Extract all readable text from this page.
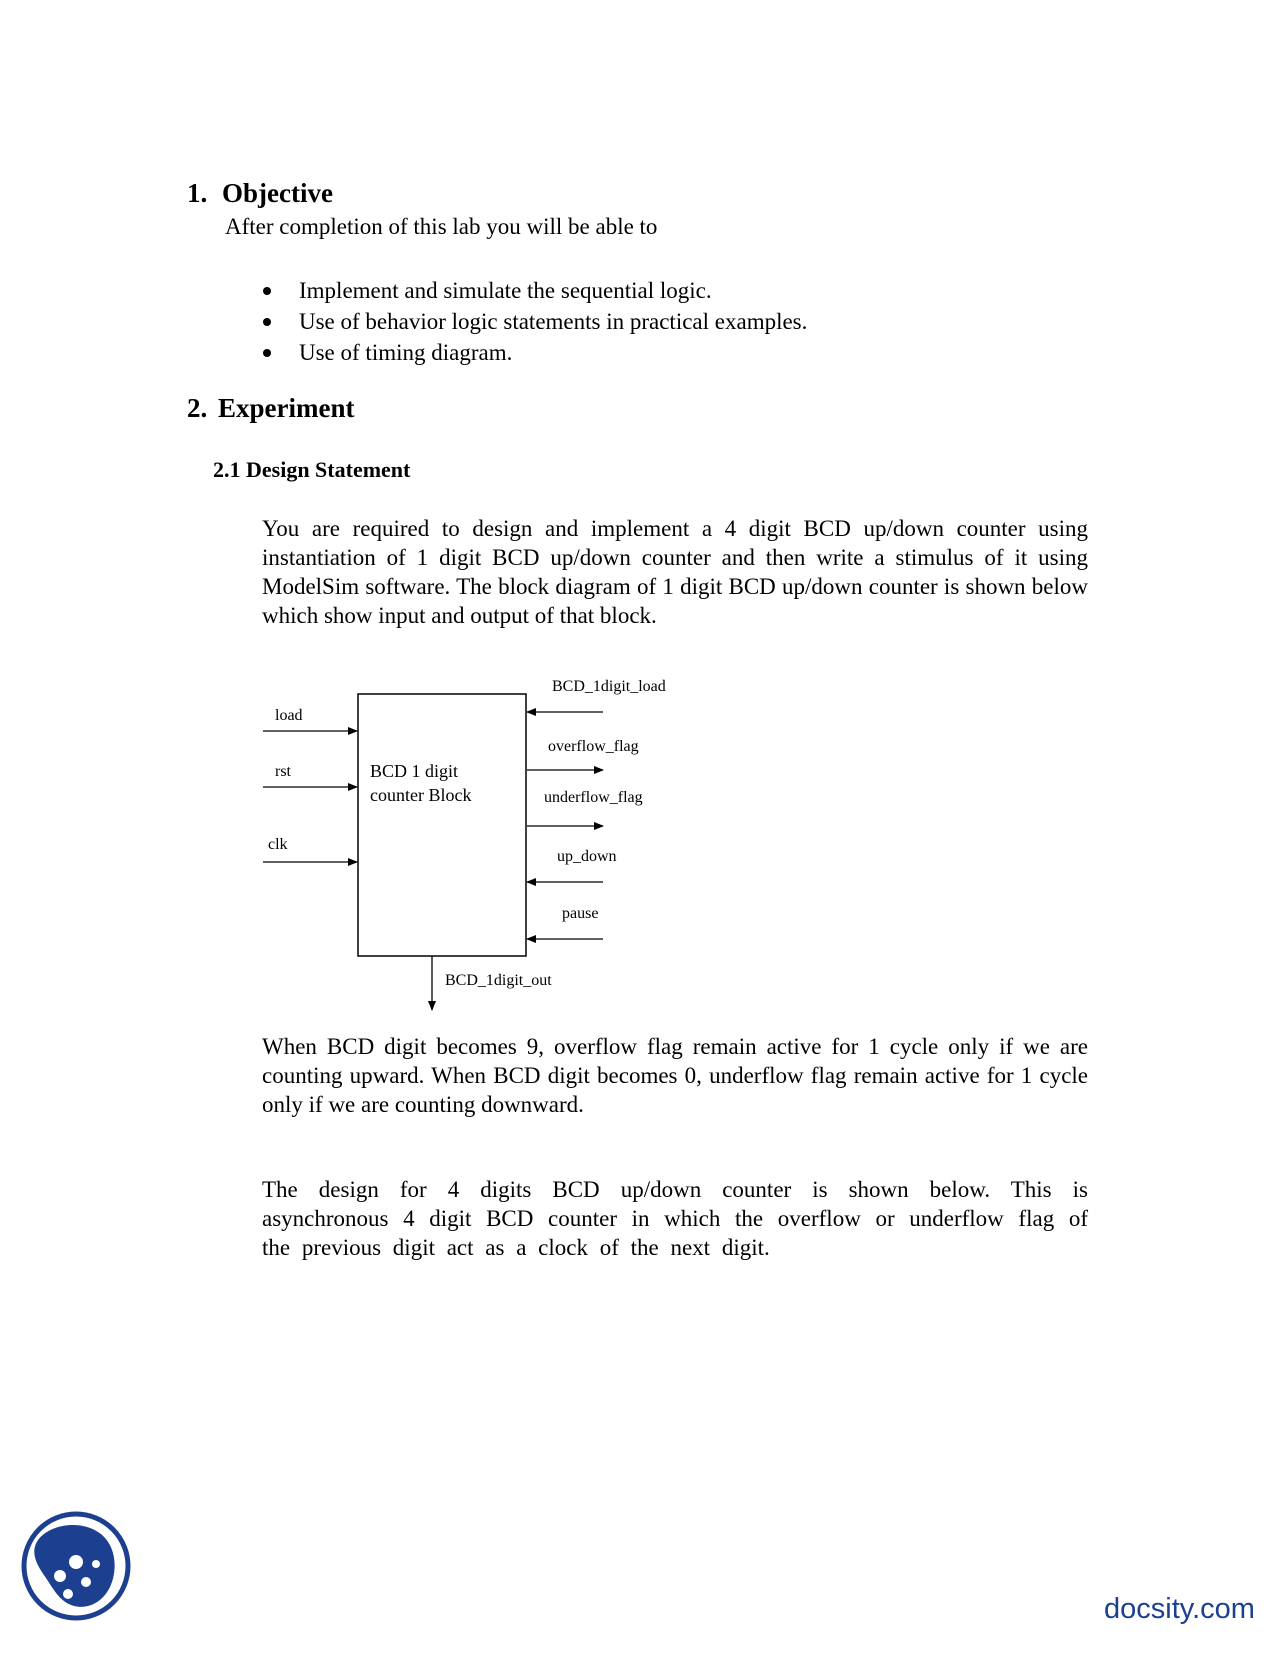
1. Objective
After completion of this lab you will be able to
Implement and simulate the sequential logic.
Use of behavior logic statements in practical examples.
Use of timing diagram.
2. Experiment
2.1 Design Statement
You are required to design and implement a 4 digit BCD up/down counter using instantiation of 1 digit BCD up/down counter and then write a stimulus of it using ModelSim software. The block diagram of 1 digit BCD up/down counter is shown below which show input and output of that block.
BCD 1 digit
counter Block
load
rst
clk
BCD_1digit_load
overflow_flag
underflow_flag
up_down
pause
BCD_1digit_out
When BCD digit becomes 9, overflow flag remain active for 1 cycle only if we are counting upward. When BCD digit becomes 0, underflow flag remain active for 1 cycle only if we are counting downward.
The design for 4 digits BCD up/down counter is shown below. This is asynchronous 4 digit BCD counter in which the overflow or underflow flag of the previous digit act as a clock of the next digit.
docsity.com
